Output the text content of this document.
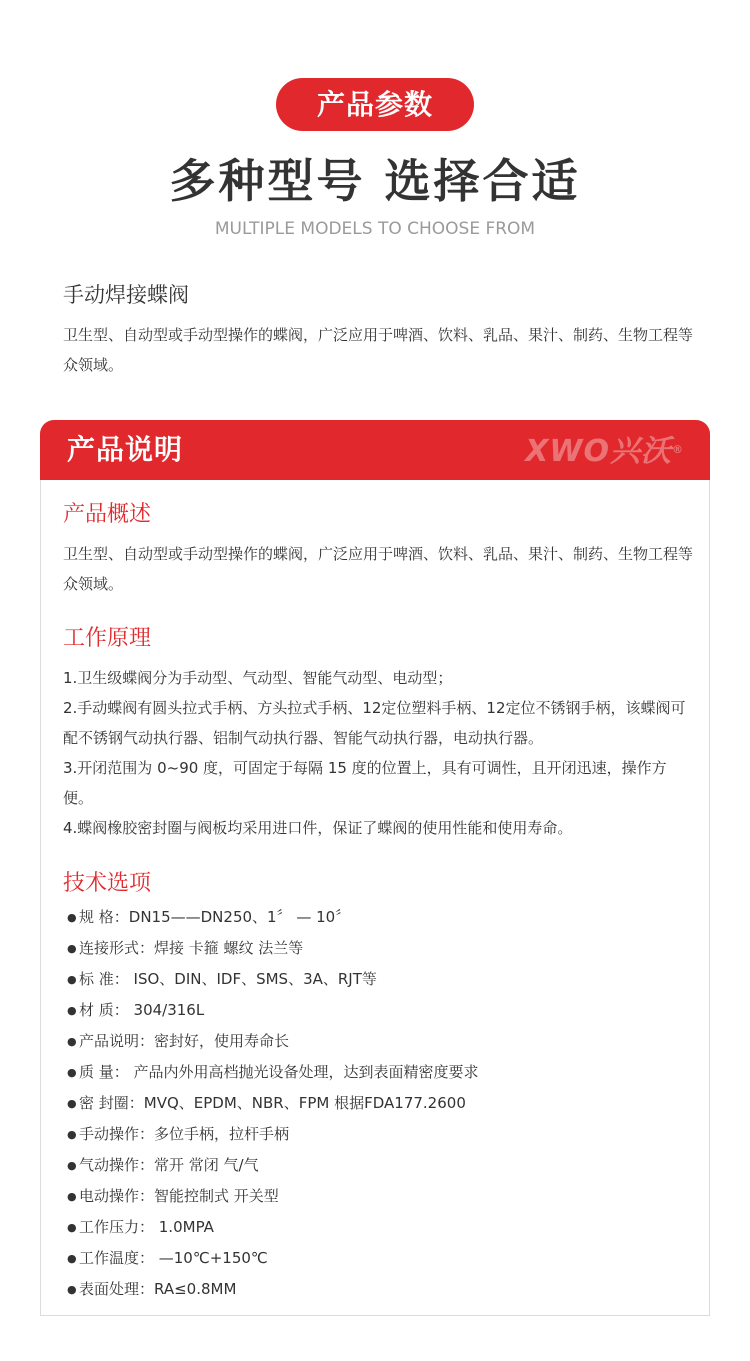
产品参数
多种型号 选择合适
MULTIPLE MODELS TO CHOOSE FROM
手动焊接蝶阀
卫生型、自动型或手动型操作的蝶阀，广泛应用于啤酒、饮料、乳品、果汁、制药、生物工程等众领域。
产品说明	XWO兴沃®
产品概述
卫生型、自动型或手动型操作的蝶阀，广泛应用于啤酒、饮料、乳品、果汁、制药、生物工程等众领域。
工作原理

1.卫生级蝶阀分为手动型、气动型、智能气动型、电动型；

2.手动蝶阀有圆头拉式手柄、方头拉式手柄、12定位塑料手柄、12定位不锈钢手柄，该蝶阀可配不锈钢气动执行器、铝制气动执行器、智能气动执行器，电动执行器。

3.开闭范围为 0~90 度，可固定于每隔 15 度的位置上，具有可调性，且开闭迅速，操作方便。

4.蝶阀橡胶密封圈与阀板均采用进口件，保证了蝶阀的使用性能和使用寿命。

技术选项
● 规 格：DN15——DN250、1〞 — 10〞
● 连接形式：焊接 卡箍 螺纹 法兰等
● 标 准： ISO、DIN、IDF、SMS、3A、RJT等
● 材 质： 304/316L
● 产品说明：密封好，使用寿命长
● 质 量： 产品内外用高档抛光设备处理，达到表面精密度要求
● 密 封圈：MVQ、EPDM、NBR、FPM 根据FDA177.2600
● 手动操作：多位手柄，拉杆手柄
● 气动操作：常开 常闭 气/气
● 电动操作：智能控制式 开关型
● 工作压力： 1.0MPA
● 工作温度： —10℃+150℃
● 表面处理：RA≤0.8MM
